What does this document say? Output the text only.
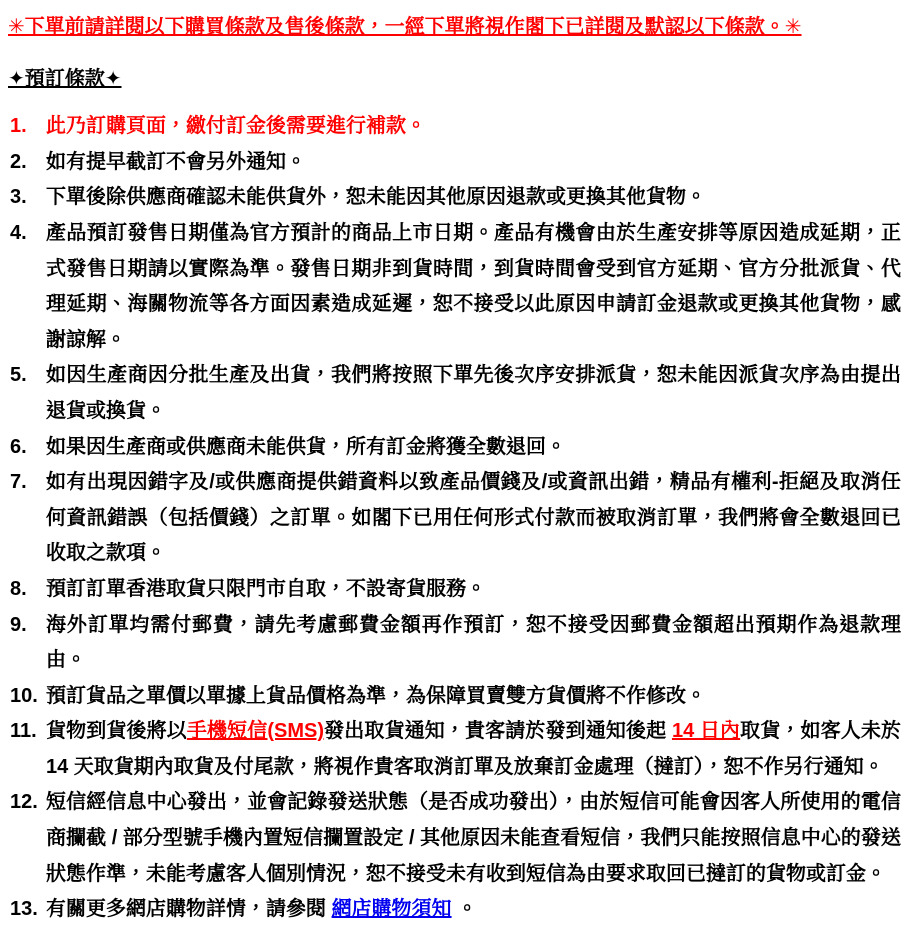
✳下單前請詳閱以下購買條款及售後條款，一經下單將視作閣下已詳閱及默認以下條款。✳
✦預訂條款✦
1. 此乃訂購頁面，繳付訂金後需要進行補款。
2. 如有提早截訂不會另外通知。
3. 下單後除供應商確認未能供貨外，恕未能因其他原因退款或更換其他貨物。
4. 產品預訂發售日期僅為官方預計的商品上市日期。產品有機會由於生產安排等原因造成延期，正式發售日期請以實際為準。發售日期非到貨時間，到貨時間會受到官方延期、官方分批派貨、代理延期、海關物流等各方面因素造成延遲，恕不接受以此原因申請訂金退款或更換其他貨物，感謝諒解。
5. 如因生產商因分批生產及出貨，我們將按照下單先後次序安排派貨，恕未能因派貨次序為由提出退貨或換貨。
6. 如果因生產商或供應商未能供貨，所有訂金將獲全數退回。
7. 如有出現因錯字及/或供應商提供錯資料以致產品價錢及/或資訊出錯，精品有權利-拒絕及取消任何資訊錯誤（包括價錢）之訂單。如閣下已用任何形式付款而被取消訂單，我們將會全數退回已收取之款項。
8. 預訂訂單香港取貨只限門市自取，不設寄貨服務。
9. 海外訂單均需付郵費，請先考慮郵費金額再作預訂，恕不接受因郵費金額超出預期作為退款理由。
10. 預訂貨品之單價以單據上貨品價格為準，為保障買賣雙方貨價將不作修改。
11. 貨物到貨後將以手機短信(SMS)發出取貨通知，貴客請於發到通知後起 14 日內取貨，如客人未於 14 天取貨期內取貨及付尾款，將視作貴客取消訂單及放棄訂金處理（撻訂），恕不作另行通知。
12. 短信經信息中心發出，並會記錄發送狀態（是否成功發出），由於短信可能會因客人所使用的電信商攔截 / 部分型號手機內置短信攔置設定 / 其他原因未能查看短信，我們只能按照信息中心的發送狀態作準，未能考慮客人個別情況，恕不接受未有收到短信為由要求取回已撻訂的貨物或訂金。
13. 有關更多網店購物詳情，請參閱 網店購物須知 。
